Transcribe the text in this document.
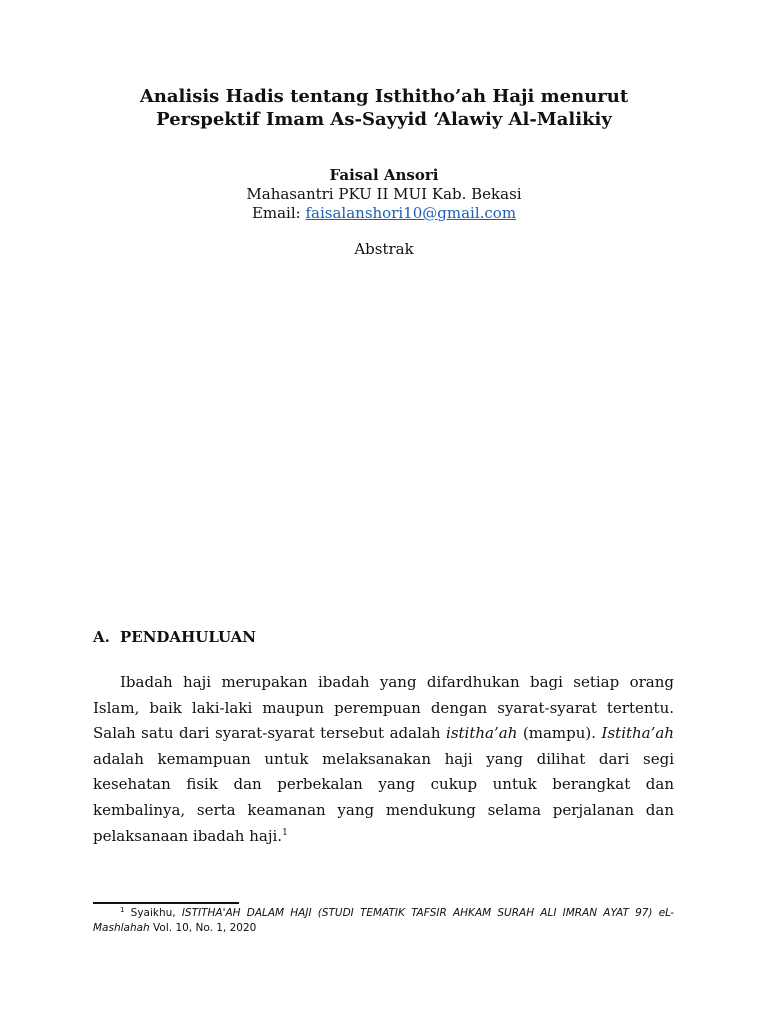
Analisis Hadis tentang Isthitho’ah Haji menurut
Perspektif Imam As-Sayyid ‘Alawiy Al-Malikiy
Faisal Ansori
Mahasantri PKU II MUI Kab. Bekasi
Email: faisalanshori10@gmail.com
Abstrak
A. PENDAHULUAN

Ibadah haji merupakan ibadah yang difardhukan bagi setiap orang Islam, baik laki-laki maupun perempuan dengan syarat-syarat tertentu. Salah satu dari syarat-syarat tersebut adalah istitha’ah (mampu). Istitha’ah adalah kemampuan untuk melaksanakan haji yang dilihat dari segi kesehatan fisik dan perbekalan yang cukup untuk berangkat dan kembalinya, serta keamanan yang mendukung selama perjalanan dan pelaksanaan ibadah haji.$^1$

$^1$ Syaikhu, ISTITHA'AH DALAM HAJI (STUDI TEMATIK TAFSIR AHKAM SURAH ALI IMRAN AYAT 97) eL-Mashlahah Vol. 10, No. 1, 2020
